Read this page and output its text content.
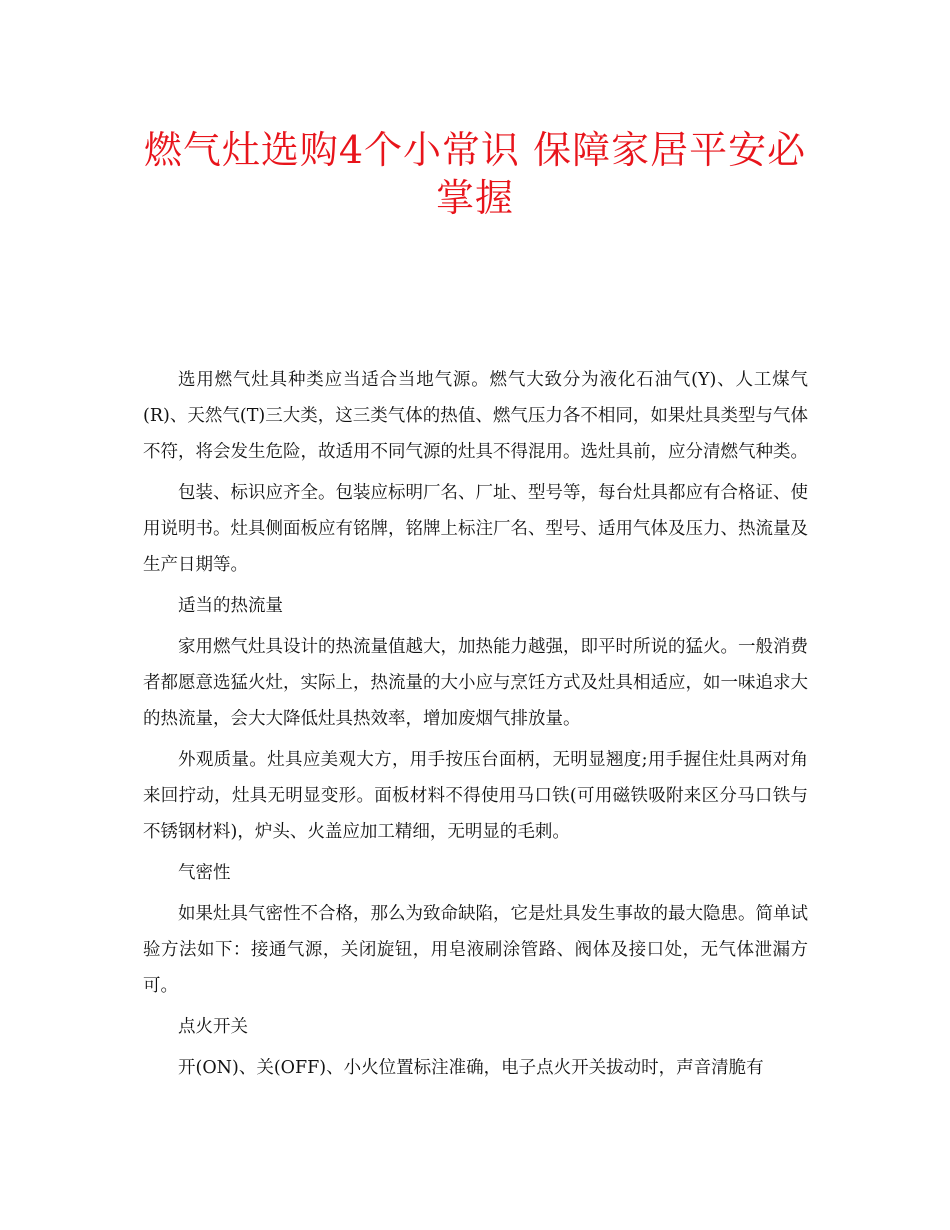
燃气灶选购4个小常识 保障家居平安必掌握

选用燃气灶具种类应当适合当地气源。燃气大致分为液化石油气(Y)、人工煤气(R)、天然气(T)三大类，这三类气体的热值、燃气压力各不相同，如果灶具类型与气体不符，将会发生危险，故适用不同气源的灶具不得混用。选灶具前，应分清燃气种类。

包装、标识应齐全。包装应标明厂名、厂址、型号等，每台灶具都应有合格证、使用说明书。灶具侧面板应有铭牌，铭牌上标注厂名、型号、适用气体及压力、热流量及生产日期等。

适当的热流量

家用燃气灶具设计的热流量值越大，加热能力越强，即平时所说的猛火。一般消费者都愿意选猛火灶，实际上，热流量的大小应与烹饪方式及灶具相适应，如一味追求大的热流量，会大大降低灶具热效率，增加废烟气排放量。

外观质量。灶具应美观大方，用手按压台面柄，无明显翘度;用手握住灶具两对角来回拧动，灶具无明显变形。面板材料不得使用马口铁(可用磁铁吸附来区分马口铁与不锈钢材料)，炉头、火盖应加工精细，无明显的毛刺。

气密性

如果灶具气密性不合格，那么为致命缺陷，它是灶具发生事故的最大隐患。简单试验方法如下：接通气源，关闭旋钮，用皂液刷涂管路、阀体及接口处，无气体泄漏方可。

点火开关

开(ON)、关(OFF)、小火位置标注准确，电子点火开关拔动时，声音清脆有
